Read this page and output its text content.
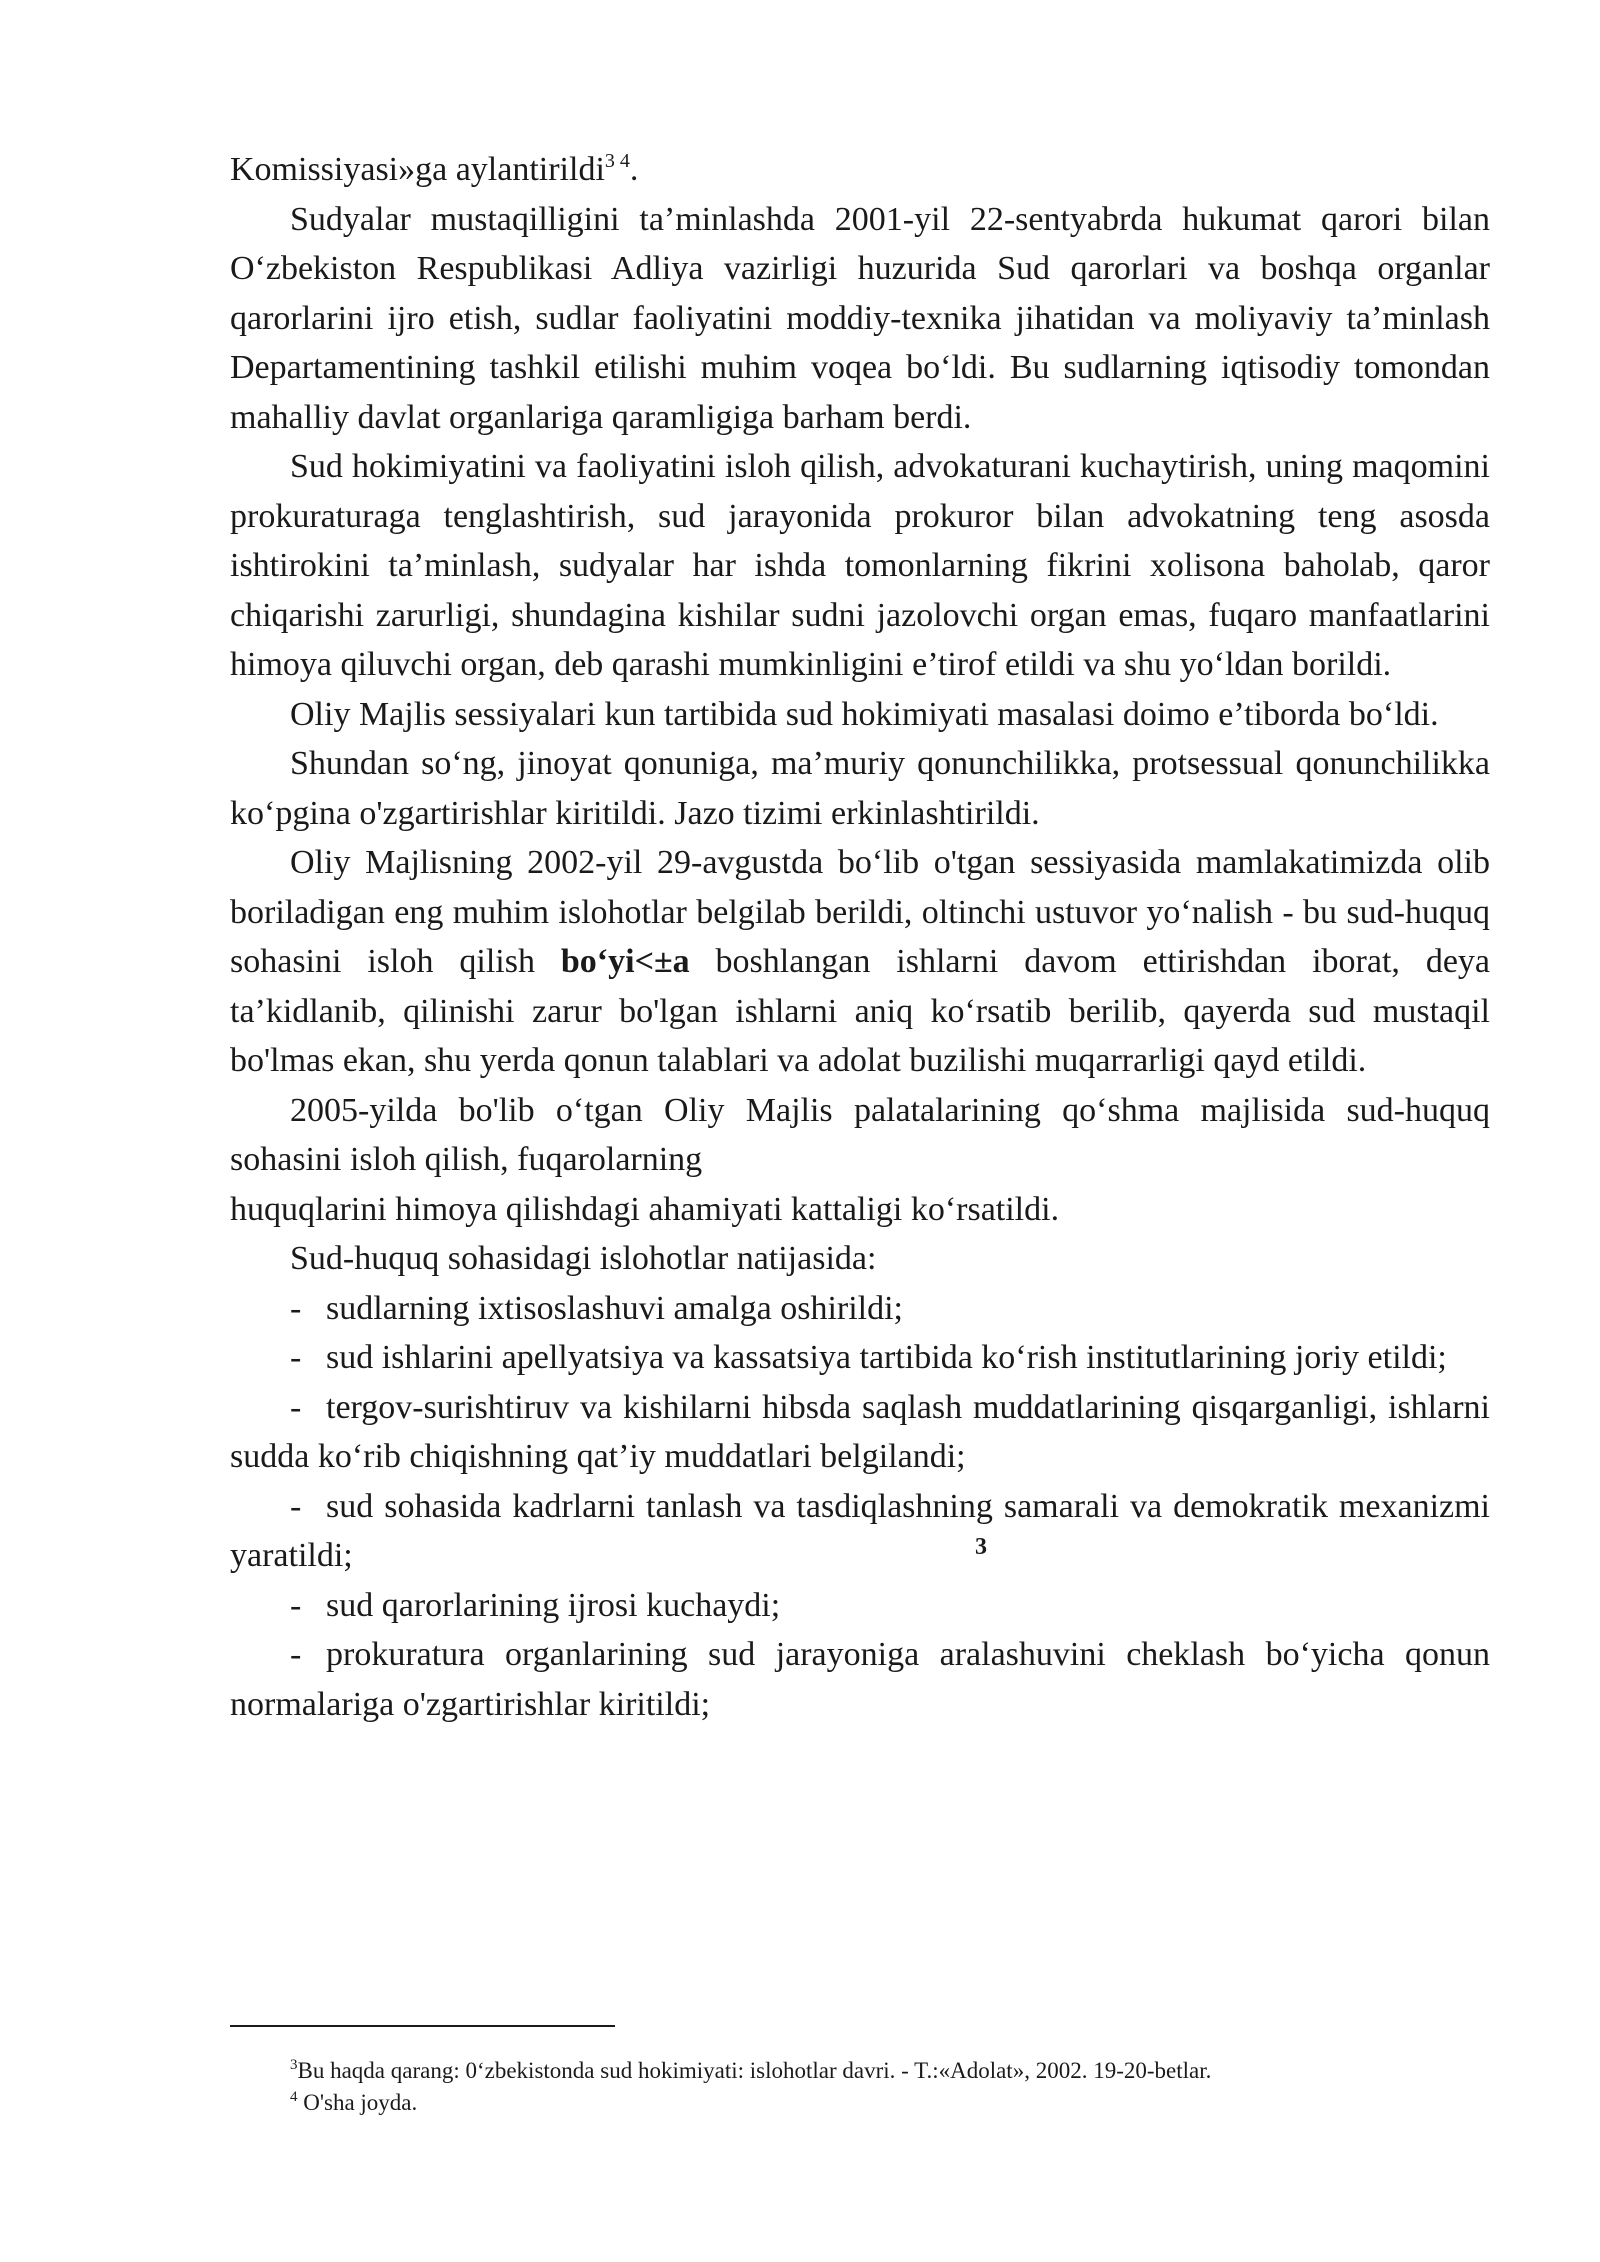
Komissiyasi»ga aylantirildi$^{3 4}$.

Sudyalar mustaqilligini ta’minlashda 2001-yil 22-sentyabrda hukumat qarori bilan O‘zbekiston Respublikasi Adliya vazirligi huzurida Sud qarorlari va boshqa organlar qarorlarini ijro etish, sudlar faoliyatini moddiy-texnika jihatidan va moliyaviy ta’minlash Departamentining tashkil etilishi muhim voqea bo‘ldi. Bu sudlarning iqtisodiy tomondan mahalliy davlat organlariga qaramligiga barham berdi.

Sud hokimiyatini va faoliyatini isloh qilish, advokaturani kuchaytirish, uning maqomini prokuraturaga tenglashtirish, sud jarayonida prokuror bilan advokatning teng asosda ishtirokini ta’minlash, sudyalar har ishda tomonlarning fikrini xolisona baholab, qaror chiqarishi zarurligi, shundagina kishilar sudni jazolovchi organ emas, fuqaro manfaatlarini himoya qiluvchi organ, deb qarashi mumkinligini e’tirof etildi va shu yo‘ldan borildi.

Oliy Majlis sessiyalari kun tartibida sud hokimiyati masalasi doimo e’tiborda bo‘ldi.

Shundan so‘ng, jinoyat qonuniga, ma’muriy qonunchilikka, protsessual qonunchilikka ko‘pgina o'zgartirishlar kiritildi. Jazo tizimi erkinlashtirildi.

Oliy Majlisning 2002-yil 29-avgustda bo‘lib o'tgan sessiyasida mamlakatimizda olib boriladigan eng muhim islohotlar belgilab berildi, oltinchi ustuvor yo‘nalish - bu sud-huquq sohasini isloh qilish bo‘yi<±a boshlangan ishlarni davom ettirishdan iborat, deya ta’kidlanib, qilinishi zarur bo'lgan ishlarni aniq ko‘rsatib berilib, qayerda sud mustaqil bo'lmas ekan, shu yerda qonun talablari va adolat buzilishi muqarrarligi qayd etildi.

2005-yilda bo'lib o‘tgan Oliy Majlis palatalarining qo‘shma majlisida sud-huquq sohasini isloh qilish, fuqarolarning

huquqlarini himoya qilishdagi ahamiyati kattaligi ko‘rsatildi.

Sud-huquq sohasidagi islohotlar natijasida:

- sudlarning ixtisoslashuvi amalga oshirildi;

- sud ishlarini apellyatsiya va kassatsiya tartibida ko‘rish institutlarining joriy etildi;

- tergov-surishtiruv va kishilarni hibsda saqlash muddatlarining qisqarganligi, ishlarni sudda ko‘rib chiqishning qat’iy muddatlari belgilandi;

- sud sohasida kadrlarni tanlash va tasdiqlashning samarali va demokratik mexanizmi yaratildi;

- sud qarorlarining ijrosi kuchaydi;

- prokuratura organlarining sud jarayoniga aralashuvini cheklash bo‘yicha qonun normalariga o'zgartirishlar kiritildi;

3

$^3$Bu haqda qarang: 0‘zbekistonda sud hokimiyati: islohotlar davri. - T.:«Adolat», 2002. 19-20-betlar.

$^4$ O'sha joyda.
